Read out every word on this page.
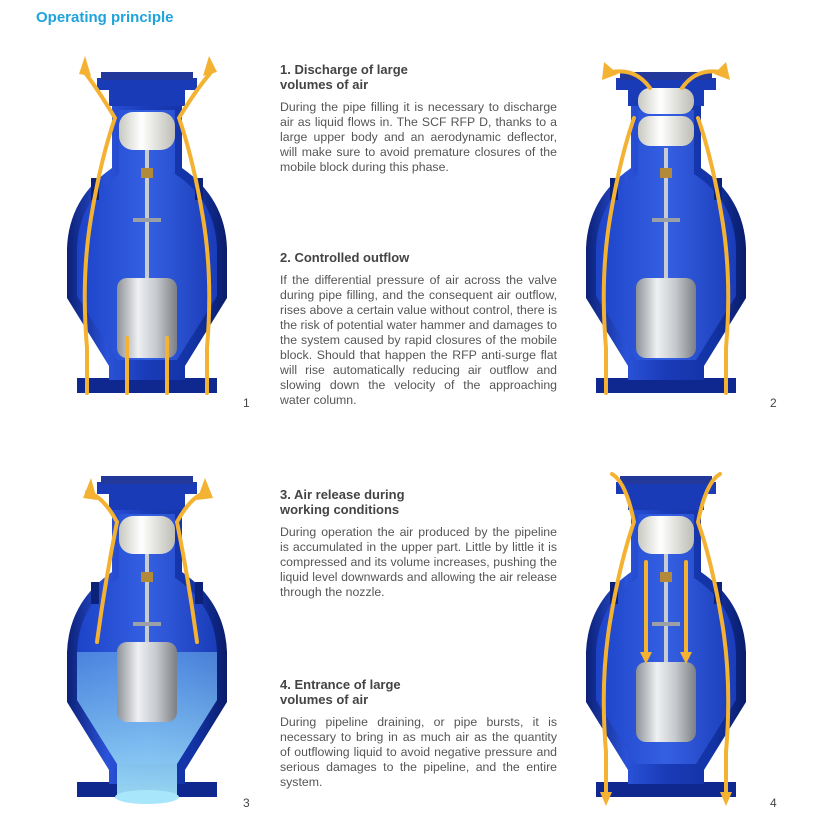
Operating principle
1	2
3	4
1. Discharge of large
volumes of air

During the pipe filling it is necessary to discharge air as liquid flows in. The SCF RFP D, thanks to a large upper body and an aerodynamic deflector, will make sure to avoid premature closures of the mobile block during this phase.

2. Controlled outflow

If the differential pressure of air across the valve during pipe filling, and the consequent air outflow, rises above a certain value without control, there is the risk of potential water hammer and damages to the system caused by rapid closures of the mobile block. Should that happen the RFP anti-surge flat will rise automatically reducing air outflow and slowing down the velocity of the approaching water column.

3. Air release during
working conditions

During operation the air produced by the pipeline is accumulated in the upper part. Little by little it is compressed and its volume increases, pushing the liquid level downwards and allowing the air release through the nozzle.

4. Entrance of large
volumes of air

During pipeline draining, or pipe bursts, it is necessary to bring in as much air as the quantity of outflowing liquid to avoid negative pressure and serious damages to the pipeline, and the entire system.
